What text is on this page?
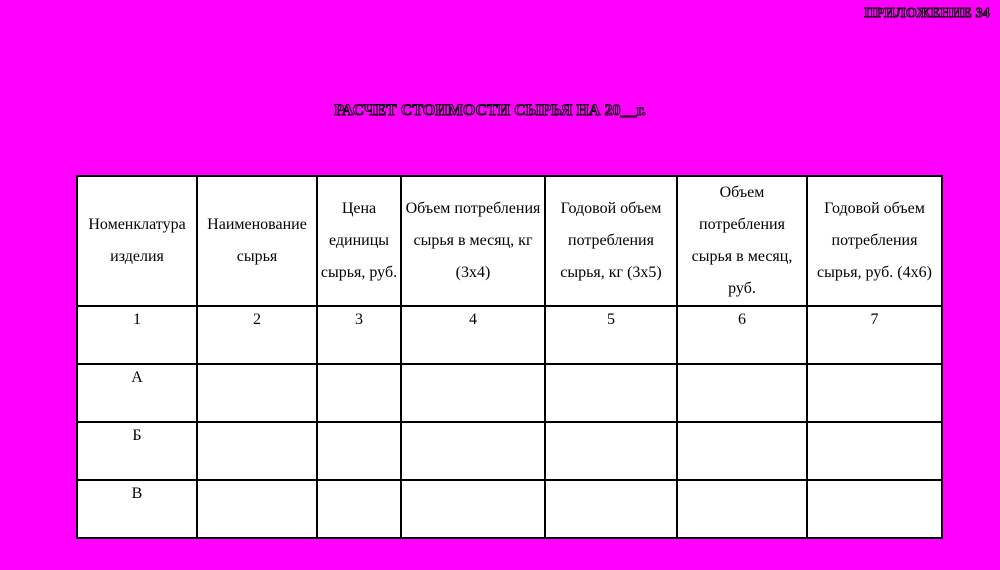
ПРИЛОЖЕНИЕ 34
РАСЧЕТ СТОИМОСТИ СЫРЬЯ НА 20__г.
Номенклатура изделия	Наименование сырья	Цена единицы сырья, руб.	Объем потребления сырья в месяц, кг (3х4)	Годовой объем потребления сырья, кг (3х5)	Объем потребления сырья в месяц, руб.	Годовой объем потребления сырья, руб. (4х6)
1	2	3	4	5	6	7
А						
Б						
В						
